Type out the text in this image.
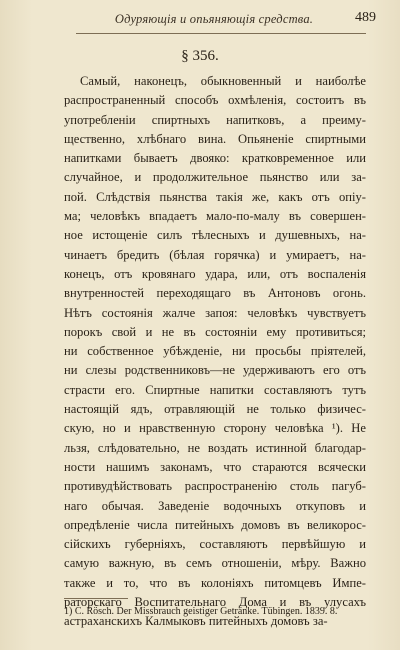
Одуряющія и опьяняющія средства.	489
§ 356.
Самый, наконецъ, обыкновенный и наиболѣе
распространенный способъ охмѣленія, состоитъ въ
употребленіи спиртныхъ напитковъ, а преиму-
щественно, хлѣбнаго вина. Опьяненіе спиртными
напитками бываетъ двояко: кратковременное или
случайное, и продолжительное пьянство или за-
пой. Слѣдствія пьянства такія же, какъ отъ опіу-
ма; человѣкъ впадаетъ мало-по-малу въ совершен-
ное истощеніе силъ тѣлесныхъ и душевныхъ, на-
чинаетъ бредить (бѣлая горячка) и умираетъ, на-
конецъ, отъ кровянаго удара, или, отъ воспаленія
внутренностей переходящаго въ Антоновъ огонь.
Нѣтъ состоянія жалче запоя: человѣкъ чувствуетъ
порокъ свой и не въ состояніи ему противиться;
ни собственное убѣжденіе, ни просьбы пріятелей,
ни слезы родственниковъ—не удерживаютъ его отъ
страсти его. Спиртные напитки составляютъ тутъ
настоящій ядъ, отравляющій не только физичес-
скую, но и нравственную сторону человѣка ¹). Не
льзя, слѣдовательно, не воздать истинной благодар-
ности нашимъ законамъ, что стараются всячески
противудѣйствовать распространенію столь пагуб-
наго обычая. Заведеніе водочныхъ откуповъ и
опредѣленіе числа питейныхъ домовъ въ великорос-
сійскихъ губерніяхъ, составляютъ первѣйшую и
самую важную, въ семъ отношеніи, мѣру. Важно
также и то, что въ колоніяхъ питомцевъ Импе-
раторскаго Воспитательнаго Дома и въ улусахъ
астраханскихъ Калмыковъ питейныхъ домовъ за-
1) C. Rösch. Der Missbrauch geistiger Getränke. Tübingen. 1839. 8.
